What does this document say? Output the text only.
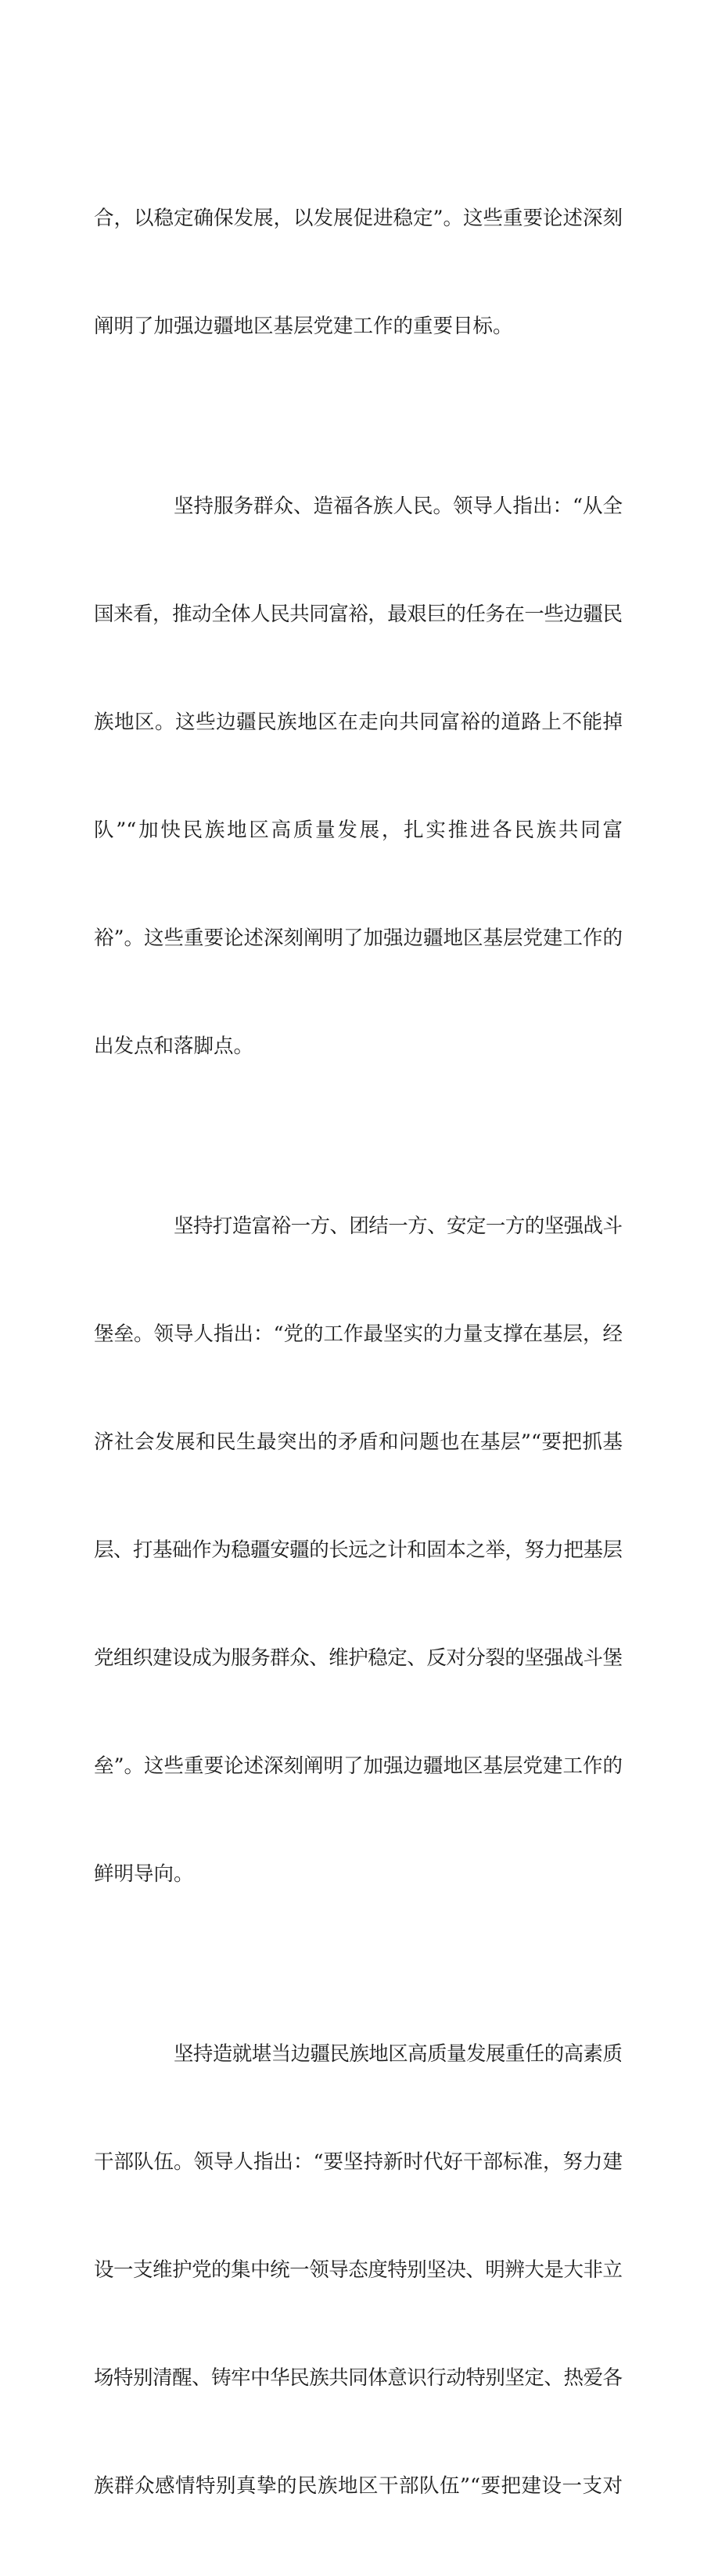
合，以稳定确保发展，以发展促进稳定”。这些重要论述深刻

阐明了加强边疆地区基层党建工作的重要目标。

坚持服务群众、造福各族人民。领导人指出：“从全

国来看，推动全体人民共同富裕，最艰巨的任务在一些边疆民

族地区。这些边疆民族地区在走向共同富裕的道路上不能掉

队”“加快民族地区高质量发展，扎实推进各民族共同富

裕”。这些重要论述深刻阐明了加强边疆地区基层党建工作的

出发点和落脚点。

坚持打造富裕一方、团结一方、安定一方的坚强战斗

堡垒。领导人指出：“党的工作最坚实的力量支撑在基层，经

济社会发展和民生最突出的矛盾和问题也在基层”“要把抓基

层、打基础作为稳疆安疆的长远之计和固本之举，努力把基层

党组织建设成为服务群众、维护稳定、反对分裂的坚强战斗堡

垒”。这些重要论述深刻阐明了加强边疆地区基层党建工作的

鲜明导向。

坚持造就堪当边疆民族地区高质量发展重任的高素质

干部队伍。领导人指出：“要坚持新时代好干部标准，努力建

设一支维护党的集中统一领导态度特别坚决、明辨大是大非立

场特别清醒、铸牢中华民族共同体意识行动特别坚定、热爱各

族群众感情特别真挚的民族地区干部队伍”“要把建设一支对
